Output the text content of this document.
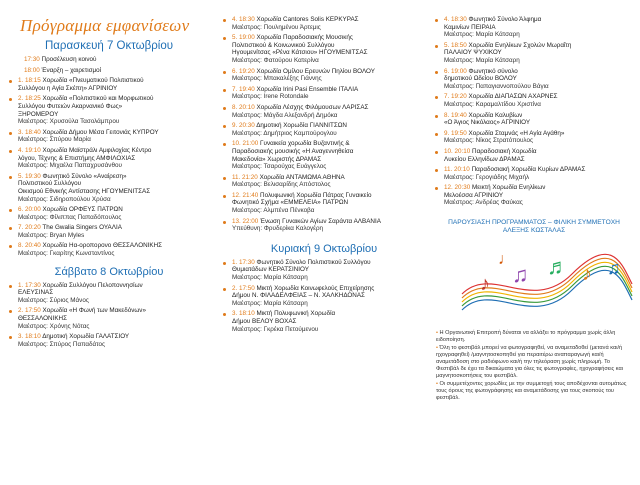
Πρόγραμμα εμφανίσεων
Παρασκευή 7 Οκτωβρίου
17:30 Προσέλευση κοινού
18:00 Έναρξη – χαιρετισμοί
1. 18:15 Χορωδία «Πνευματικού Πολιτιστικού
Συλλόγου η Αγία Σκέπη» ΑΓΡΙΝΙΟΥ
2. 18:25 Χορωδία «Πολιτιστικού και Μορφωτικού
Συλλόγου Φυτειών Ακαρνανικό Φως»
ΞΗΡΟΜΕΡΟΥ
Μαέστρος: Χρυσούλα Τασολάμπρου
3. 18:40 Χορωδία Δήμου Μέσα Γειτονιάς ΚΥΠΡΟΥ
Μαέστρος: Σπύρου Μαρία
4. 19:10 Χορωδία Μαϊστράλι Αμφιλοχίας Κέντρο
λόγου, Τέχνης & Επιστήμης ΑΜΦΙΛΟΧΙΑΣ
Μαέστρος: Μιχαέλα Παπαχρυσάνθου
5. 19:30 Φωνητικό Σύνολο «Αναίρεση»
Πολιτιστικού Συλλόγου
Οικισμού Εθνικής Αντίστασης ΗΓΟΥΜΕΝΙΤΣΑΣ
Μαέστρος: Σιδηροπούλου Χρύσα
6. 20:00 Χορωδία ΟΡΦΕΥΣ ΠΑΤΡΩΝ
Μαέστρος: Φίλιππας Παπαδόπουλος
7. 20:20 The Gwalia Singers ΟΥΑΛΙΑ
Μαέστρος: Bryan Myles
8. 20:40 Χορωδία Ηα-οροπορονο ΘΕΣΣΑΛΟΝΙΚΗΣ
Μαέστρος: Γκαρίτης Κωνσταντίνος
Σάββατο 8 Οκτωβρίου
1. 17:30 Χορωδία Συλλόγου Πελοποννησίων
ΕΛΕΥΣΙΝΑΣ
Μαέστρος: Σύριος Μάνος
2. 17:50 Χορωδία «Η Φωνή των Μακεδόνων»
ΘΕΣΣΑΛΟΝΙΚΗΣ
Μαέστρος: Χρόνης Νότας
3. 18:10 Δημοτική Χορωδία ΓΑΛΑΤΣΙΟΥ
Μαέστρος: Σπύρος Παπαδάτος
4. 18:30 Χορωδία Cantores Solis ΚΕΡΚΥΡΑΣ
Μαέστρος: Πουλημένου Άρτεμις
5. 19:00 Χορωδία Παραδοσιακής Μουσικής
Πολιτιστικού & Κοινωνικού Συλλόγου
Ηγουμενίτσας «Ρένα Κάτσιου» ΗΓΟΥΜΕΝΙΤΣΑΣ
Μαέστρος: Φατούρου Κατερίνα
6. 19:20 Χορωδία Ομίλου Ερευνών Πηλίου ΒΟΛΟΥ
Μαέστρος: Μπακαλέξης Γιάννης
7. 19:40 Χορωδία Irini Pasi Ensemble ΙΤΑΛΙΑ
Μαέστρος: Irene Rotondale
8. 20:10 Χορωδία Λέσχης Φιλόμουσων ΛΑΡΙΣΑΣ
Μαέστρος: Μάγδα Αλεξανδρή Δημόκα
9. 20:30 Δημοτική Χορωδία ΓΙΑΝΝΙΤΣΩΝ
Μαέστρος: Δημήτριος Καμπούρογλου
10. 21:00 Γυναικεία χορωδία Βυζαντινής &
Παραδοσιακής μουσικής «Η Αναγεννηθείσα
Μακεδονία» Χωριστής ΔΡΑΜΑΣ
Μαέστρος: Τσαρούχας Ευάγγελος
11. 21:20 Χορωδία ΑΝΤΑΜΩΜΑ ΑΘΗΝΑ
Μαέστρος: Βελισαρίδης Απόστολος
12. 21:40 Πολυφωνική Χορωδία Πάτρας Γυναικείο
Φωνητικό Σχήμα «ΕΜΜΕΛΕΙΑ» ΠΑΤΡΩΝ
Μαέστρος: Αλμπένα Πένκοβα
13. 22:00 Ένωση Γυναικών Αγίων Σαράντα ΑΛΒΑΝΙΑ
Υπεύθυνη: Φρυδερίκα Καλογέρη
Κυριακή 9 Οκτωβρίου
1. 17:30 Φωνητικό Σύνολο Πολιτιστικού Συλλόγου
Θυμιατάδων ΚΕΡΑΤΣΙΝΙΟΥ
Μαέστρος: Μαρία Κάτσαρη
2. 17:50 Μικτή Χορωδία Κοινωφελούς Επιχείρησης
Δήμου Ν. ΦΙΛΑΔΕΛΦΕΙΑΣ – Ν. ΧΑΛΚΗΔΟΝΑΣ
Μαέστρος: Μαρία Κάτσαρη
3. 18:10 Μικτή Πολυφωνική Χορωδία
Δήμου ΒΕΛΟΥ ΒΟΧΑΣ
Μαέστρος: Γκρέκα Πετούμενου
4. 18:30 Φωνητικό Σύνολο Άλφημα
Καμινίων ΠΕΙΡΑΙΑ
Μαέστρος: Μαρία Κάτσαρη
5. 18:50 Χορωδία Ενηλίκων Σχολών Μωραΐτη
ΠΑΛΑΙΟΥ ΨΥΧΙΚΟΥ
Μαέστρος: Μαρία Κάτσαρη
6. 19:00 Φωνητικό σύνολο
δημοτικού Ωδείου ΒΟΛΟΥ
Μαέστρος: Παπαγιαννοπούλου Βάγια
7. 19:20 Χορωδία ΔΙΑΠΑΣΩΝ ΑΧΑΡΝΕΣ
Μαέστρος: Καραμαλτίδου Χριστίνα
8. 19:40 Χορωδία Καλυβίων
«Ο Άγιος Νικόλαος» ΑΓΡΙΝΙΟΥ
9. 19:50 Χορωδία Σταμνάς «Η Αγία Αγάθη»
Μαέστρος: Νίκος Στρατόπουλος
10. 20:10 Παραδοσιακή Χορωδία
Λυκείου Ελληνίδων ΔΡΑΜΑΣ
11. 20:10 Παραδοσιακή Χορωδία Κυρίων ΔΡΑΜΑΣ
Μαέστρος: Γερογιάδης Μιχαήλ
12. 20:30 Μεικτή Χορωδία Ενηλίκων
Μελοέσσα ΑΓΡΙΝΙΟΥ
Μαέστρος: Ανδρέας Φαύκας
ΠΑΡΟΥΣΙΑΣΗ ΠΡΟΓΡΑΜΜΑΤΟΣ – ΦΙΛΙΚΗ ΣΥΜΜΕΤΟΧΗ
ΑΛΕΞΗΣ ΚΩΣΤΑΛΑΣ
♪ ♫ ♬ ♪ ♫
♩

• Η Οργανωτική Επιτροπή δύναται να αλλάξει το πρόγραμμα χωρίς άλλη ειδοποίηση.

• Όλη το φεστιβάλ μπορεί να φωτογραφηθεί, να αναμεταδοθεί (μετανά και/ή ηχογραφηθεί) /μαγνητοσκοπηθεί για περαιτέρω αναπαραγωγή και/ή αναμετάδοση στο ραδιόφωνο και/ή την τηλεόραση χωρίς πληρωμή. Το Φεστιβάλ δε έχει τα δικαιώματα για όλες τις φωτογραφίες, ηχογραφήσεις και μαγνητοσκοπήσεις του φεστιβάλ.

• Οι συμμετέχοντες χορωδίες με την συμμετοχή τους αποδέχονται αυτομάτως τους όρους της φωτογράφησης και αναμετάδοσης για τους σκοπούς του φεστιβάλ.
